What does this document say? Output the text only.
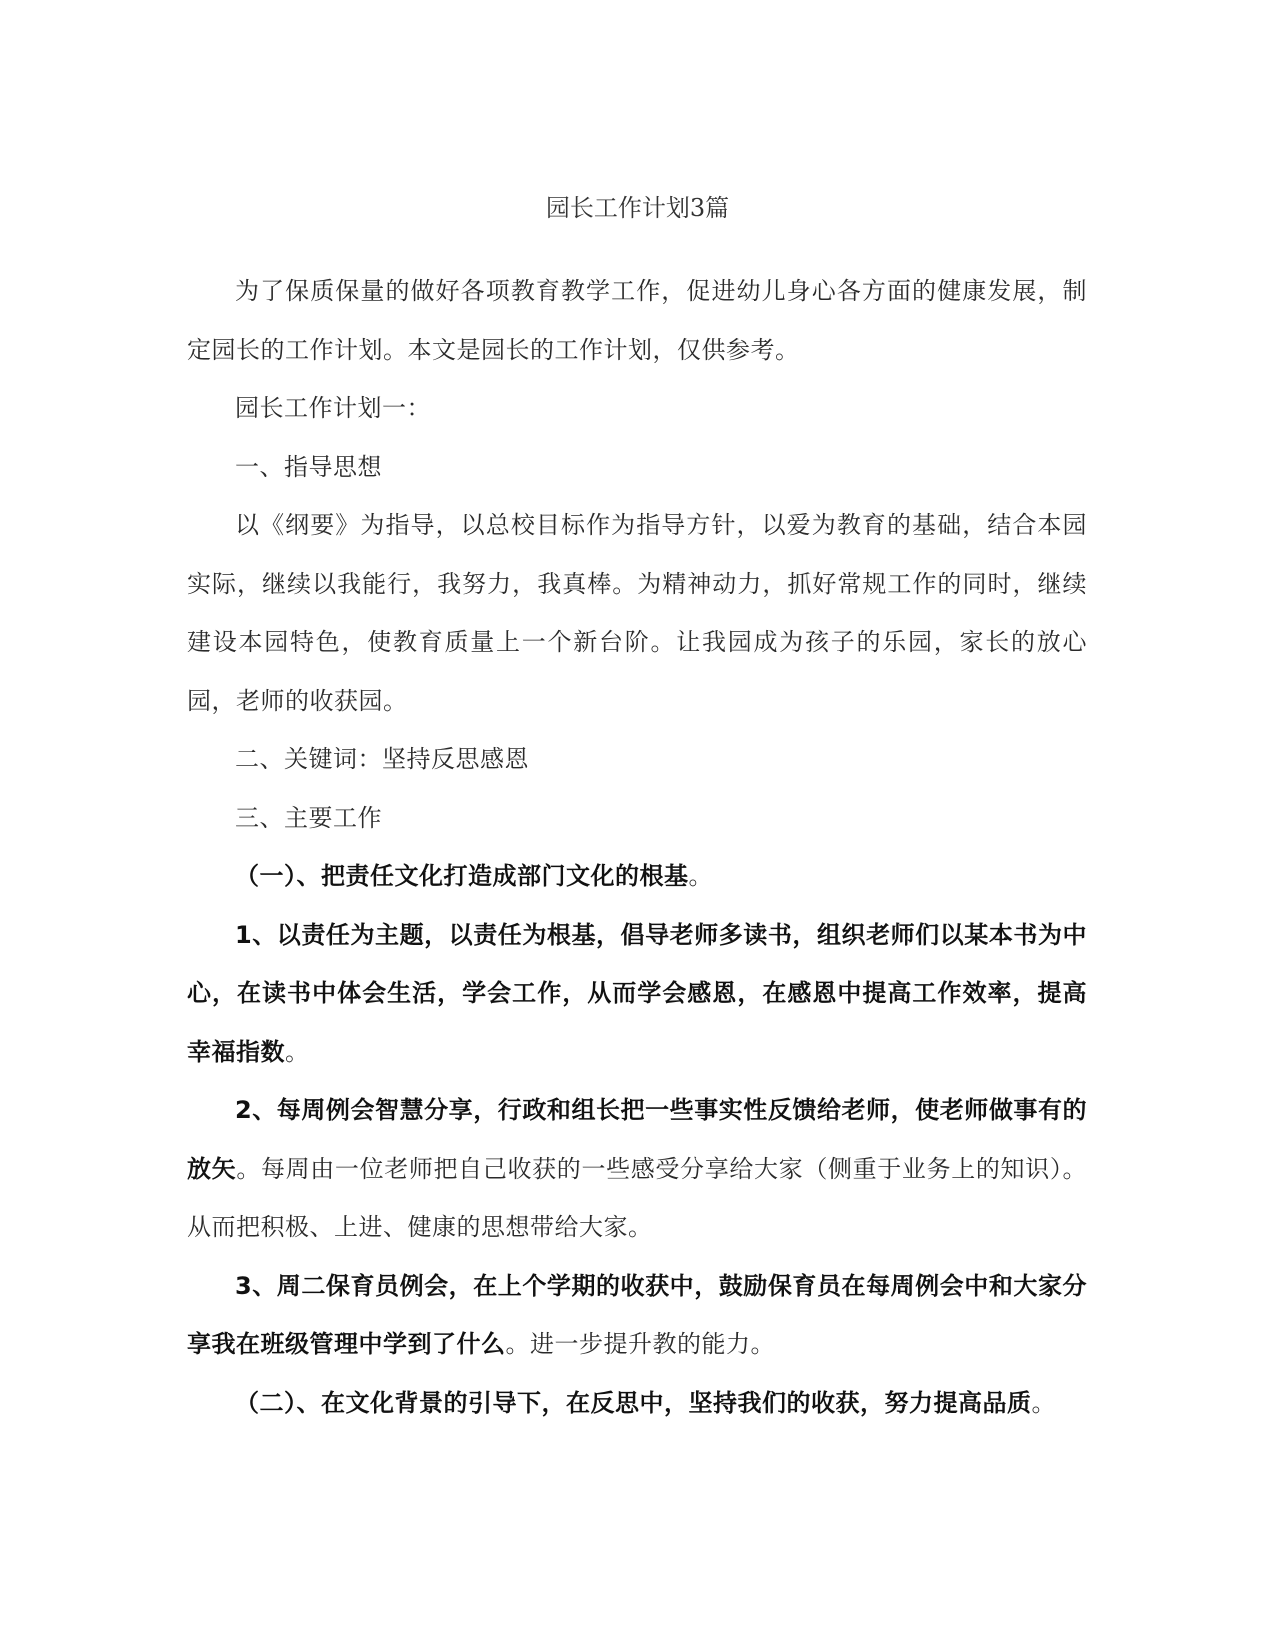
园长工作计划3篇

为了保质保量的做好各项教育教学工作，促进幼儿身心各方面的健康发展，制定园长的工作计划。本文是园长的工作计划，仅供参考。

园长工作计划一：

一、指导思想

以《纲要》为指导，以总校目标作为指导方针，以爱为教育的基础，结合本园实际，继续以我能行，我努力，我真棒。为精神动力，抓好常规工作的同时，继续建设本园特色，使教育质量上一个新台阶。让我园成为孩子的乐园，家长的放心园，老师的收获园。

二、关键词：坚持反思感恩

三、主要工作

（一）、把责任文化打造成部门文化的根基。

1、以责任为主题，以责任为根基，倡导老师多读书，组织老师们以某本书为中心，在读书中体会生活，学会工作，从而学会感恩，在感恩中提高工作效率，提高幸福指数。

2、每周例会智慧分享，行政和组长把一些事实性反馈给老师，使老师做事有的放矢。每周由一位老师把自己收获的一些感受分享给大家（侧重于业务上的知识）。从而把积极、上进、健康的思想带给大家。

3、周二保育员例会，在上个学期的收获中，鼓励保育员在每周例会中和大家分享我在班级管理中学到了什么。进一步提升教的能力。

（二）、在文化背景的引导下，在反思中，坚持我们的收获，努力提高品质。
